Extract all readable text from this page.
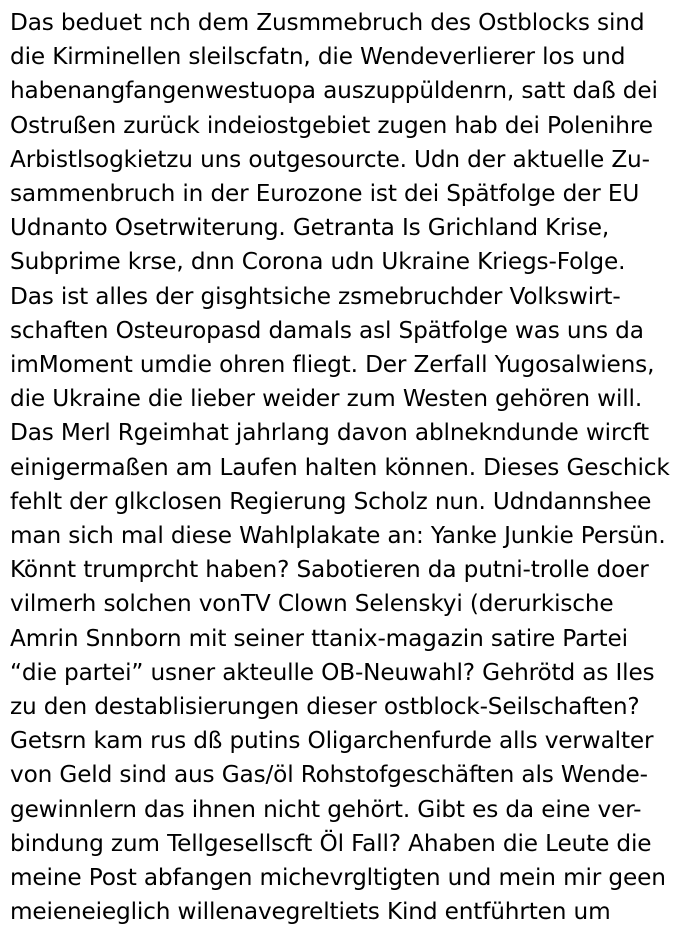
Das beduet nch dem Zusmmebruch des Ostblocks sind
die Kirminellen sleilscfatn, die Wendeverlierer los und
habenangfangenwestuopa auszuppüldenrn, satt daß dei
Ostrußen zurück indeiostgebiet zugen hab dei Polenihre
Arbistlsogkietzu uns outgesourcte. Udn der aktuelle Zu-
sammenbruch in der Eurozone ist dei Spätfolge der EU
Udnanto Osetrwiterung. Getranta Is Grichland Krise,
Subprime krse, dnn Corona udn Ukraine Kriegs-Folge.
Das ist alles der gisghtsiche zsmebruchder Volkswirt-
schaften Osteuropasd damals asl Spätfolge was uns da
imMoment umdie ohren fliegt. Der Zerfall Yugosalwiens,
die Ukraine die lieber weider zum Westen gehören will.
Das Merl Rgeimhat jahrlang davon ablnekndunde wircft
einigermaßen am Laufen halten können. Dieses Geschick
fehlt der glkclosen Regierung Scholz nun. Udndannshee
man sich mal diese Wahlplakate an: Yanke Junkie Persün.
Könnt trumprcht haben? Sabotieren da putni-trolle doer
vilmerh solchen vonTV Clown Selenskyi (derurkische
Amrin Snnborn mit seiner ttanix-magazin satire Partei
“die partei” usner akteulle OB-Neuwahl? Gehrötd as Iles
zu den destablisierungen dieser ostblock-Seilschaften?
Getsrn kam rus dß putins Oligarchenfurde alls verwalter
von Geld sind aus Gas/öl Rohstofgeschäften als Wende-
gewinnlern das ihnen nicht gehört. Gibt es da eine ver-
bindung zum Tellgesellscft Öl Fall? Ahaben die Leute die
meine Post abfangen michevrgltigten und mein mir geen
meieneieglich willenavegreltiets Kind entführten um
